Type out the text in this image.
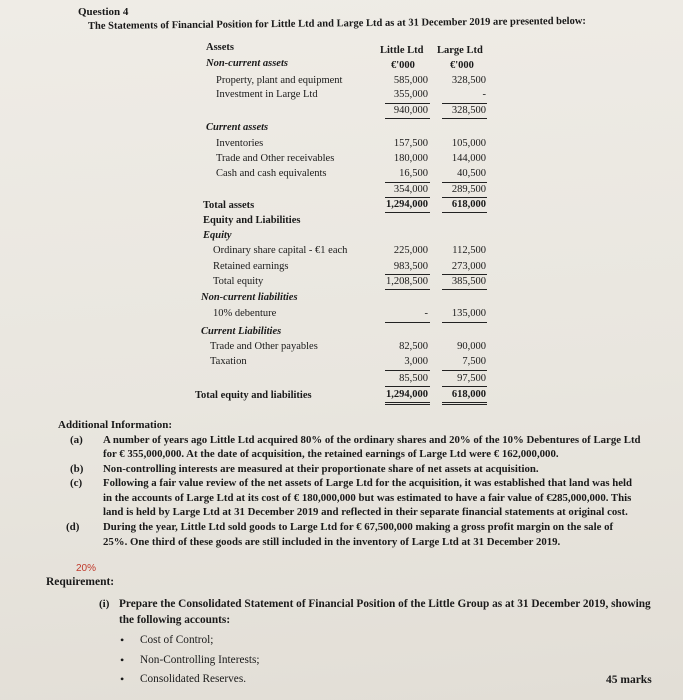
Question 4
The Statements of Financial Position for Little Ltd and Large Ltd as at 31 December 2019 are presented below:
Assets	Little Ltd Large Ltd
€'000	€'000
Non-current assets
Property, plant and equipment	585,000	328,500
Investment in Large Ltd	355,000	-
940,000	328,500
Current assets
Inventories	157,500	105,000
Trade and Other receivables	180,000	144,000
Cash and cash equivalents	16,500	40,500
354,000	289,500
Total assets	1,294,000	618,000
Equity and Liabilities
Equity
Ordinary share capital - €1 each	225,000	112,500
Retained earnings	983,500	273,000
Total equity	1,208,500	385,500
Non-current liabilities
10% debenture	-	135,000
Current Liabilities
Trade and Other payables	82,500	90,000
Taxation	3,000	7,500
85,500	97,500
Total equity and liabilities	1,294,000	618,000
Additional Information:
(a) A number of years ago Little Ltd acquired 80% of the ordinary shares and 20% of the 10% Debentures of Large Ltd
for € 355,000,000. At the date of acquisition, the retained earnings of Large Ltd were € 162,000,000.
(b) Non-controlling interests are measured at their proportionate share of net assets at acquisition.
(c) Following a fair value review of the net assets of Large Ltd for the acquisition, it was established that land was held
in the accounts of Large Ltd at its cost of € 180,000,000 but was estimated to have a fair value of €285,000,000. This
land is held by Large Ltd at 31 December 2019 and reflected in their separate financial statements at original cost.
(d) During the year, Little Ltd sold goods to Large Ltd for € 67,500,000 making a gross profit margin on the sale of
25%. One third of these goods are still included in the inventory of Large Ltd at 31 December 2019.
20%
Requirement:
(i) Prepare the Consolidated Statement of Financial Position of the Little Group as at 31 December 2019, showing
the following accounts:
• Cost of Control;
• Non-Controlling Interests;
• Consolidated Reserves.	45 marks
